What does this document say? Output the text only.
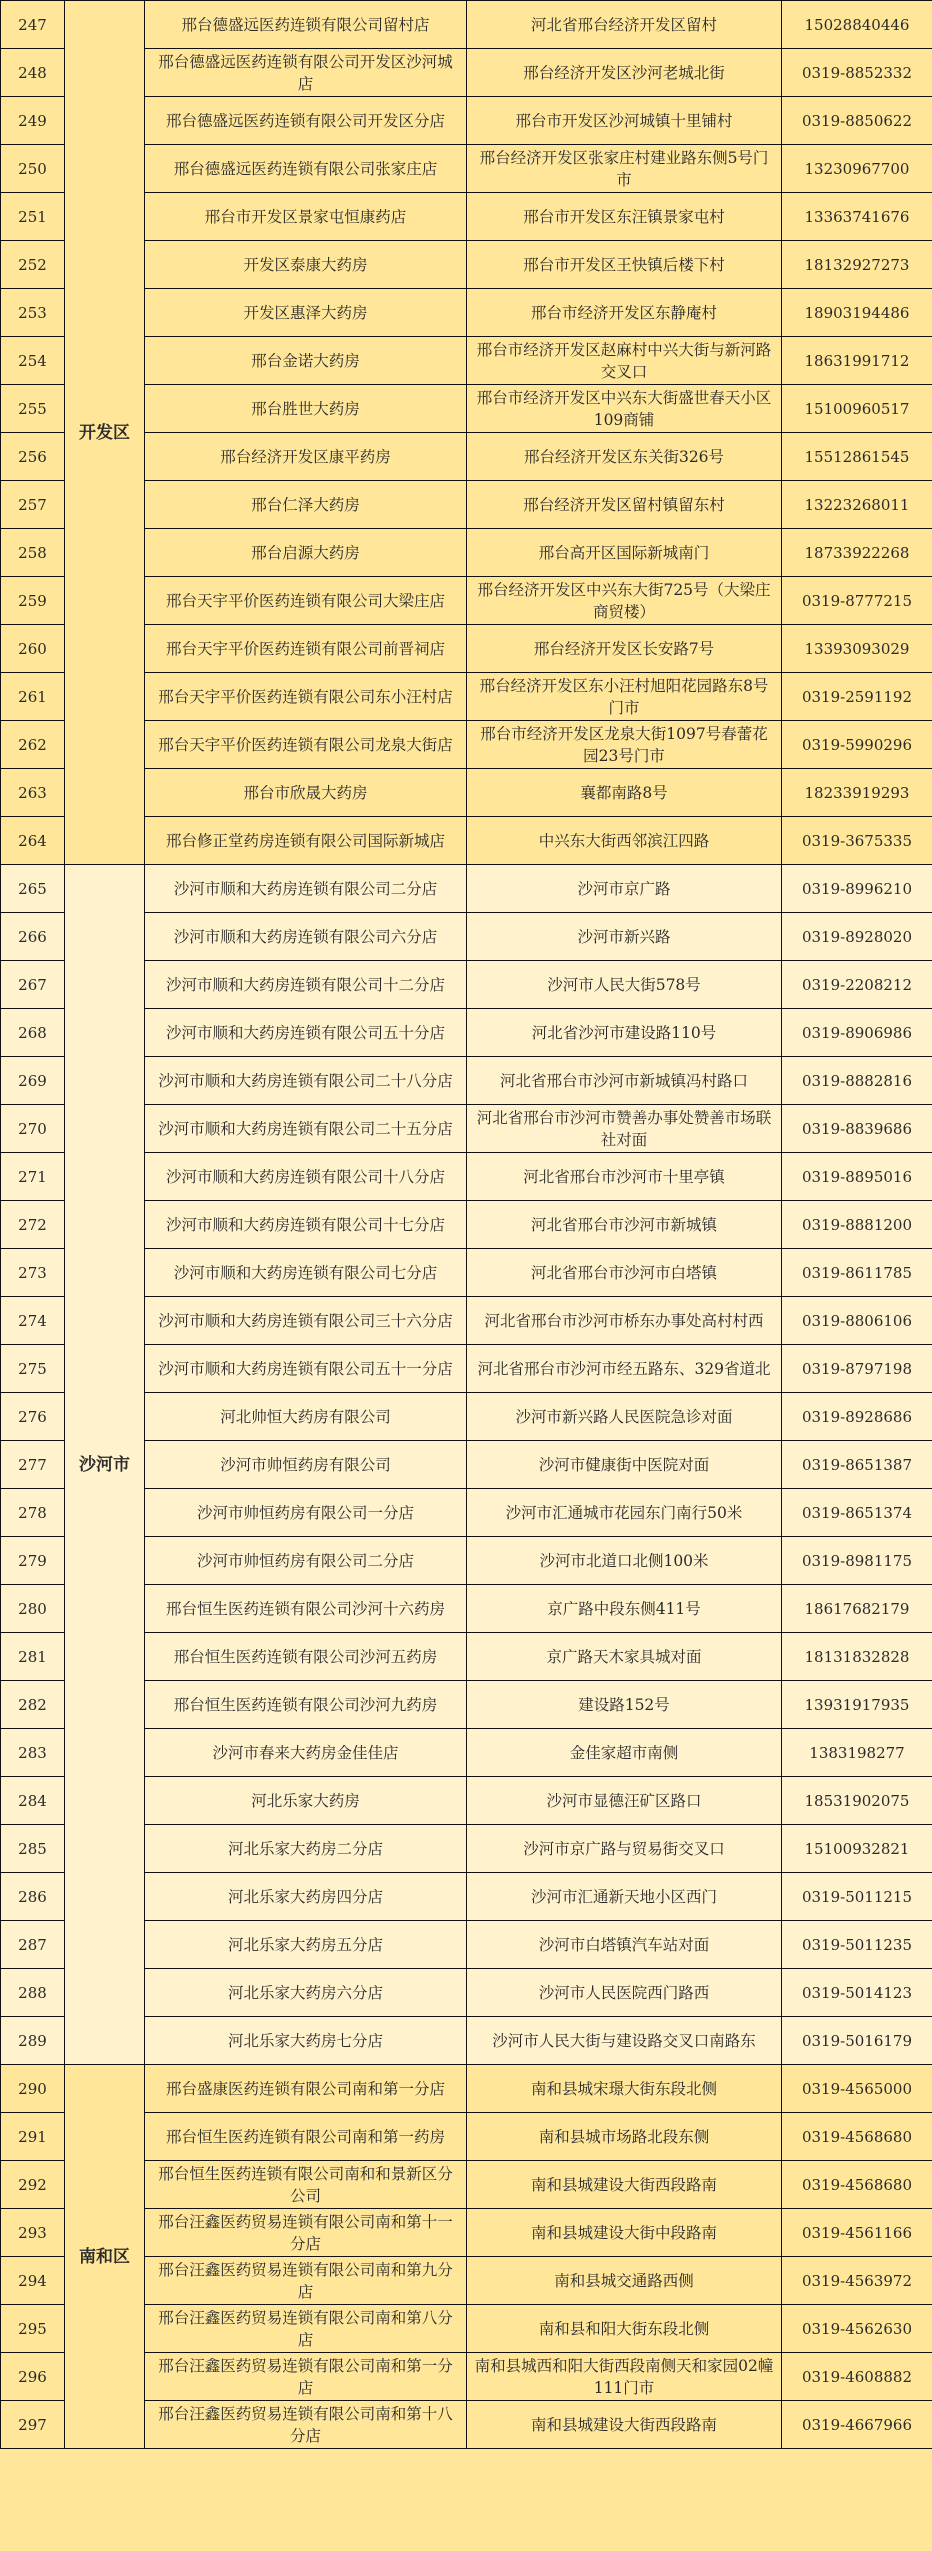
247	开发区	邢台德盛远医药连锁有限公司留村店	河北省邢台经济开发区留村	15028840446
248		邢台德盛远医药连锁有限公司开发区沙河城店	邢台经济开发区沙河老城北街	0319-8852332
249		邢台德盛远医药连锁有限公司开发区分店	邢台市开发区沙河城镇十里铺村	0319-8850622
250		邢台德盛远医药连锁有限公司张家庄店	邢台经济开发区张家庄村建业路东侧5号门市	13230967700
251		邢台市开发区景家屯恒康药店	邢台市开发区东汪镇景家屯村	13363741676
252		开发区泰康大药房	邢台市开发区王快镇后楼下村	18132927273
253		开发区惠泽大药房	邢台市经济开发区东静庵村	18903194486
254		邢台金诺大药房	邢台市经济开发区赵麻村中兴大街与新河路交叉口	18631991712
255		邢台胜世大药房	邢台市经济开发区中兴东大街盛世春天小区109商铺	15100960517
256		邢台经济开发区康平药房	邢台经济开发区东关街326号	15512861545
257		邢台仁泽大药房	邢台经济开发区留村镇留东村	13223268011
258		邢台启源大药房	邢台高开区国际新城南门	18733922268
259		邢台天宇平价医药连锁有限公司大梁庄店	邢台经济开发区中兴东大街725号（大梁庄商贸楼）	0319-8777215
260		邢台天宇平价医药连锁有限公司前晋祠店	邢台经济开发区长安路7号	13393093029
261		邢台天宇平价医药连锁有限公司东小汪村店	邢台经济开发区东小汪村旭阳花园路东8号门市	0319-2591192
262		邢台天宇平价医药连锁有限公司龙泉大街店	邢台市经济开发区龙泉大街1097号春蕾花园23号门市	0319-5990296
263		邢台市欣晟大药房	襄都南路8号	18233919293
264		邢台修正堂药房连锁有限公司国际新城店	中兴东大街西邻滨江四路	0319-3675335
265	沙河市	沙河市顺和大药房连锁有限公司二分店	沙河市京广路	0319-8996210
266		沙河市顺和大药房连锁有限公司六分店	沙河市新兴路	0319-8928020
267		沙河市顺和大药房连锁有限公司十二分店	沙河市人民大街578号	0319-2208212
268		沙河市顺和大药房连锁有限公司五十分店	河北省沙河市建设路110号	0319-8906986
269		沙河市顺和大药房连锁有限公司二十八分店	河北省邢台市沙河市新城镇冯村路口	0319-8882816
270		沙河市顺和大药房连锁有限公司二十五分店	河北省邢台市沙河市赞善办事处赞善市场联社对面	0319-8839686
271		沙河市顺和大药房连锁有限公司十八分店	河北省邢台市沙河市十里亭镇	0319-8895016
272		沙河市顺和大药房连锁有限公司十七分店	河北省邢台市沙河市新城镇	0319-8881200
273		沙河市顺和大药房连锁有限公司七分店	河北省邢台市沙河市白塔镇	0319-8611785
274		沙河市顺和大药房连锁有限公司三十六分店	河北省邢台市沙河市桥东办事处高村村西	0319-8806106
275		沙河市顺和大药房连锁有限公司五十一分店	河北省邢台市沙河市经五路东、329省道北	0319-8797198
276		河北帅恒大药房有限公司	沙河市新兴路人民医院急诊对面	0319-8928686
277		沙河市帅恒药房有限公司	沙河市健康街中医院对面	0319-8651387
278		沙河市帅恒药房有限公司一分店	沙河市汇通城市花园东门南行50米	0319-8651374
279		沙河市帅恒药房有限公司二分店	沙河市北道口北侧100米	0319-8981175
280		邢台恒生医药连锁有限公司沙河十六药房	京广路中段东侧411号	18617682179
281		邢台恒生医药连锁有限公司沙河五药房	京广路天木家具城对面	18131832828
282		邢台恒生医药连锁有限公司沙河九药房	建设路152号	13931917935
283		沙河市春来大药房金佳佳店	金佳家超市南侧	1383198277
284		河北乐家大药房	沙河市显德汪矿区路口	18531902075
285		河北乐家大药房二分店	沙河市京广路与贸易街交叉口	15100932821
286		河北乐家大药房四分店	沙河市汇通新天地小区西门	0319-5011215
287		河北乐家大药房五分店	沙河市白塔镇汽车站对面	0319-5011235
288		河北乐家大药房六分店	沙河市人民医院西门路西	0319-5014123
289		河北乐家大药房七分店	沙河市人民大街与建设路交叉口南路东	0319-5016179
290	南和区	邢台盛康医药连锁有限公司南和第一分店	南和县城宋璟大街东段北侧	0319-4565000
291		邢台恒生医药连锁有限公司南和第一药房	南和县城市场路北段东侧	0319-4568680
292		邢台恒生医药连锁有限公司南和和景新区分公司	南和县城建设大街西段路南	0319-4568680
293		邢台汪鑫医药贸易连锁有限公司南和第十一分店	南和县城建设大街中段路南	0319-4561166
294		邢台汪鑫医药贸易连锁有限公司南和第九分店	南和县城交通路西侧	0319-4563972
295		邢台汪鑫医药贸易连锁有限公司南和第八分店	南和县和阳大街东段北侧	0319-4562630
296		邢台汪鑫医药贸易连锁有限公司南和第一分店	南和县城西和阳大街西段南侧天和家园02幢111门市	0319-4608882
297		邢台汪鑫医药贸易连锁有限公司南和第十八分店	南和县城建设大街西段路南	0319-4667966
